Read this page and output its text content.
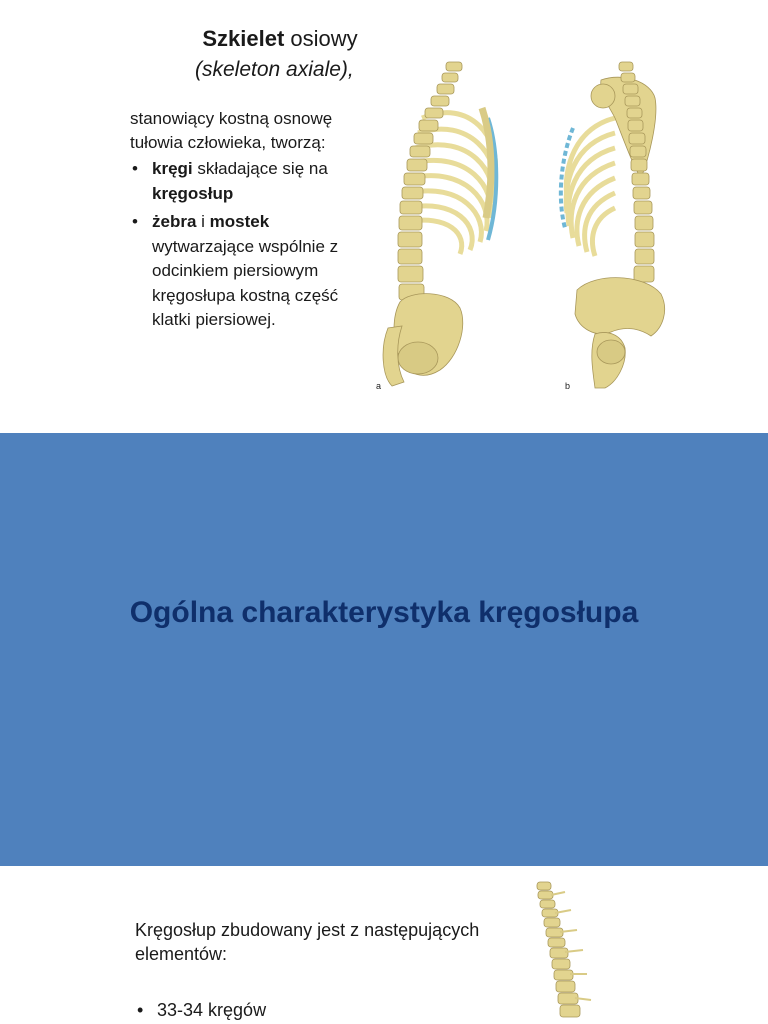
Szkielet osiowy
(skeleton axiale),
stanowiący kostną osnowę tułowia człowieka, tworzą:
• kręgi składające się na
kręgosłup
• żebra i mostek wytwarzające wspólnie z odcinkiem piersiowym kręgosłupa kostną część klatki piersiowej.
a	b
Ogólna charakterystyka kręgosłupa
Kręgosłup zbudowany jest z następujących elementów:
• 33-34 kręgów
